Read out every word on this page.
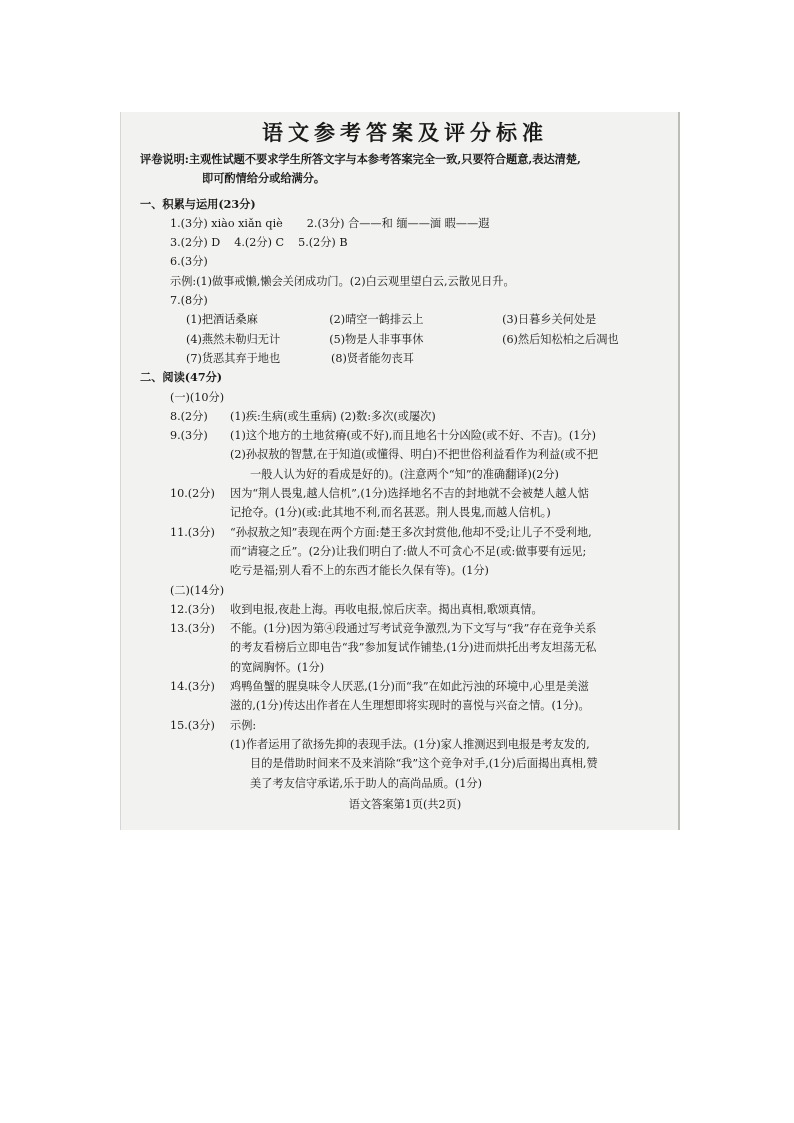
语文参考答案及评分标准
评卷说明:主观性试题不要求学生所答文字与本参考答案完全一致,只要符合题意,表达清楚,
即可酌情给分或给满分。
一、积累与运用(23分)
1.(3分) xiào xiǎn qiè 2.(3分) 合——和 缅——湎 暇——遐
3.(2分) D 4.(2分) C 5.(2分) B
6.(3分)
示例:(1)做事戒懒,懒会关闭成功门。(2)白云观里望白云,云散见日升。
7.(8分)
(1)把酒话桑麻	(2)晴空一鹤排云上	(3)日暮乡关何处是
(4)燕然未勒归无计	(5)物是人非事事休	(6)然后知松柏之后凋也
(7)货恶其弃于地也	(8)贤者能勿丧耳
二、阅读(47分)
(一)(10分)
8.(2分)	(1)疾:生病(或生重病) (2)数:多次(或屡次)
9.(3分)	(1)这个地方的土地贫瘠(或不好),而且地名十分凶险(或不好、不吉)。(1分)
(2)孙叔敖的智慧,在于知道(或懂得、明白)不把世俗利益看作为利益(或不把
一般人认为好的看成是好的)。(注意两个“知”的准确翻译)(2分)
10.(2分)	因为“荆人畏鬼,越人信机”,(1分)选择地名不吉的封地就不会被楚人越人惦
记抢夺。(1分)(或:此其地不利,而名甚恶。荆人畏鬼,而越人信机。)
11.(3分)	“孙叔敖之知”表现在两个方面:楚王多次封赏他,他却不受;让儿子不受利地,
而“请寝之丘”。(2分)让我们明白了:做人不可贪心不足(或:做事要有远见;
吃亏是福;别人看不上的东西才能长久保有等)。(1分)
(二)(14分)
12.(3分)	收到电报,夜赴上海。再收电报,惊后庆幸。揭出真相,歌颂真情。
13.(3分)	不能。(1分)因为第④段通过写考试竞争激烈,为下文写与“我”存在竞争关系
的考友看榜后立即电告“我”参加复试作铺垫,(1分)进而烘托出考友坦荡无私
的宽阔胸怀。(1分)
14.(3分)	鸡鸭鱼蟹的腥臭味令人厌恶,(1分)而“我”在如此污浊的环境中,心里是美滋
滋的,(1分)传达出作者在人生理想即将实现时的喜悦与兴奋之情。(1分)。
15.(3分)	示例:
(1)作者运用了欲扬先抑的表现手法。(1分)家人推测迟到电报是考友发的,
目的是借助时间来不及来消除“我”这个竞争对手,(1分)后面揭出真相,赞
美了考友信守承诺,乐于助人的高尚品质。(1分)
语文答案第1页(共2页)
